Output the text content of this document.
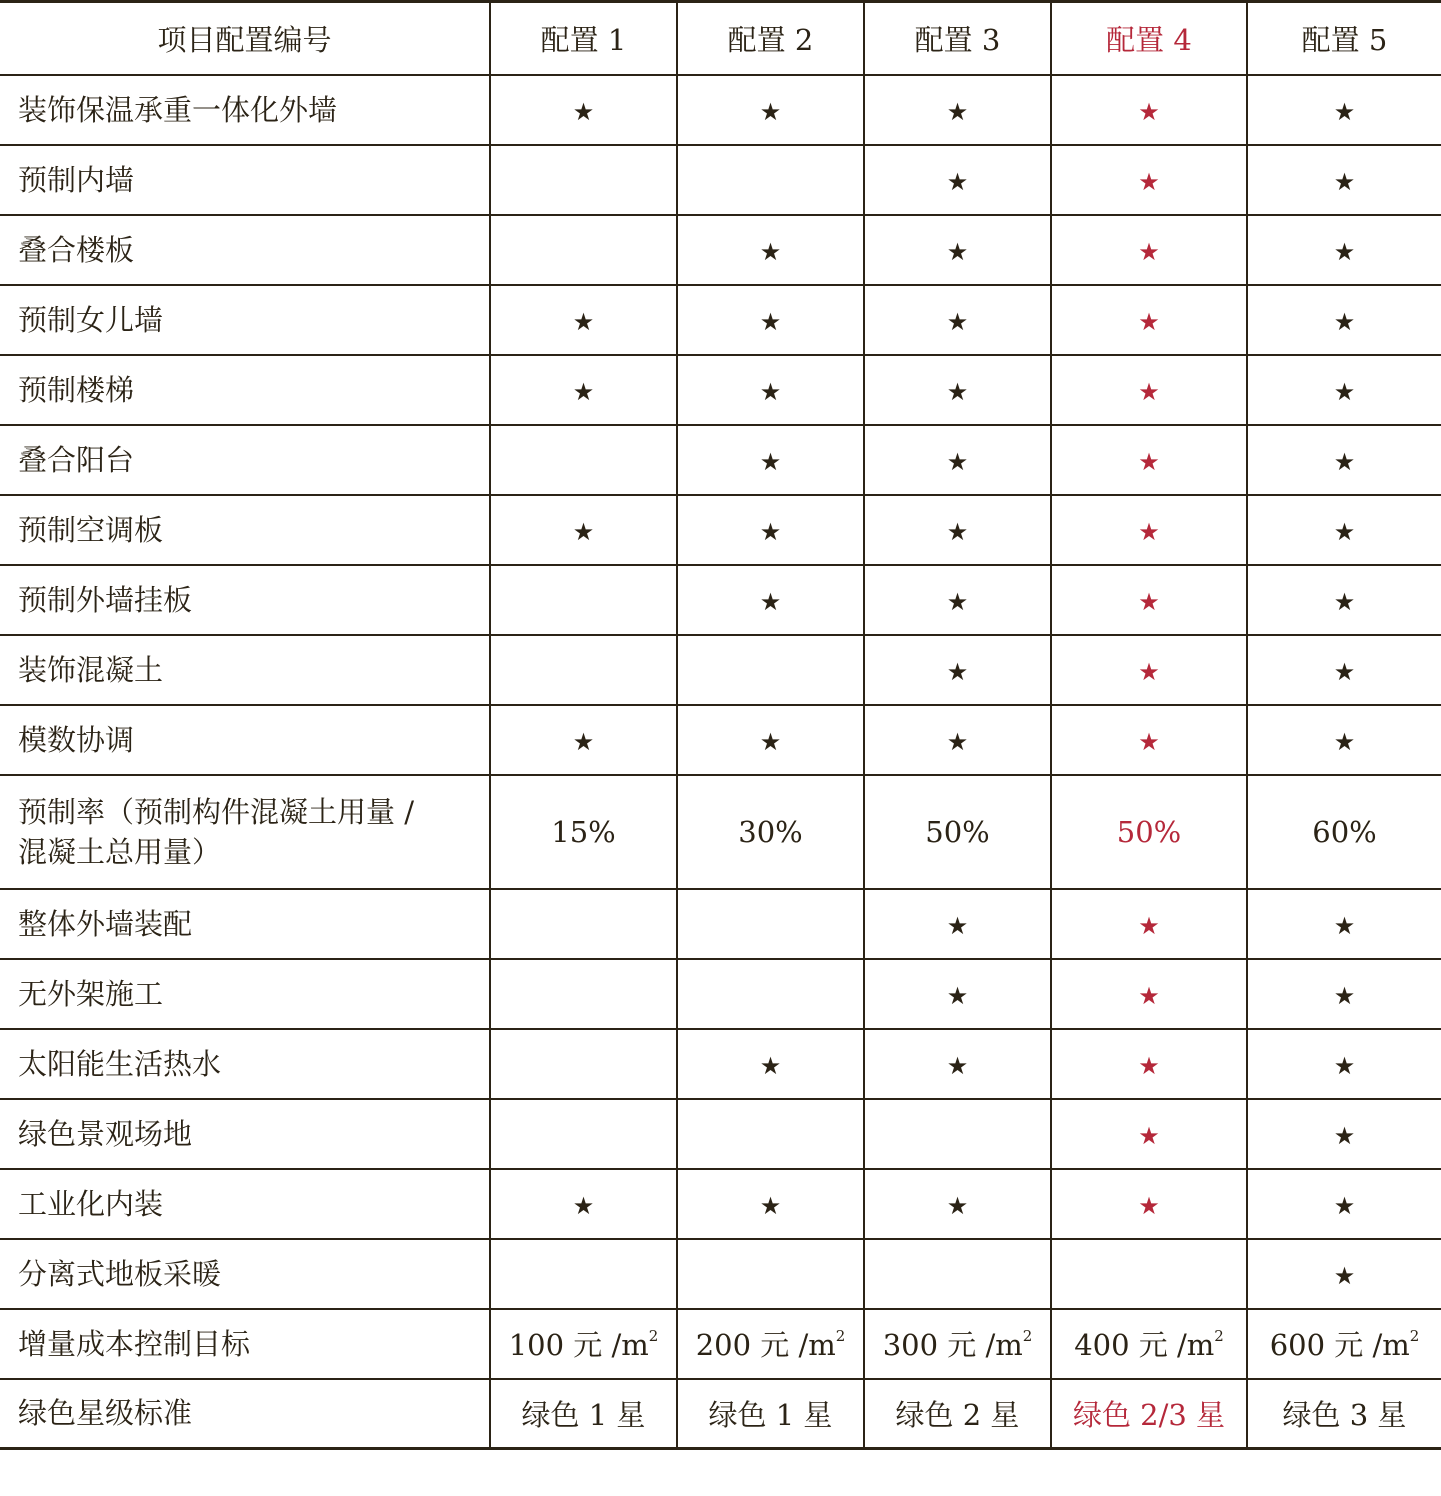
项目配置编号	配置 1	配置 2	配置 3	配置 4	配置 5
装饰保温承重一体化外墙	★	★	★	★	★
预制内墙			★	★	★
叠合楼板		★	★	★	★
预制女儿墙	★	★	★	★	★
预制楼梯	★	★	★	★	★
叠合阳台		★	★	★	★
预制空调板	★	★	★	★	★
预制外墙挂板		★	★	★	★
装饰混凝土			★	★	★
模数协调	★	★	★	★	★
预制率（预制构件混凝土用量 /
混凝土总用量）	15%	30%	50%	50%	60%
整体外墙装配			★	★	★
无外架施工			★	★	★
太阳能生活热水		★	★	★	★
绿色景观场地				★	★
工业化内装	★	★	★	★	★
分离式地板采暖					★
增量成本控制目标	100 元 $/m^2$	200 元 $/m^2$	300 元 $/m^2$	400 元 $/m^2$	600 元 $/m^2$
绿色星级标准	绿色 1 星	绿色 1 星	绿色 2 星	绿色 2/3 星	绿色 3 星
